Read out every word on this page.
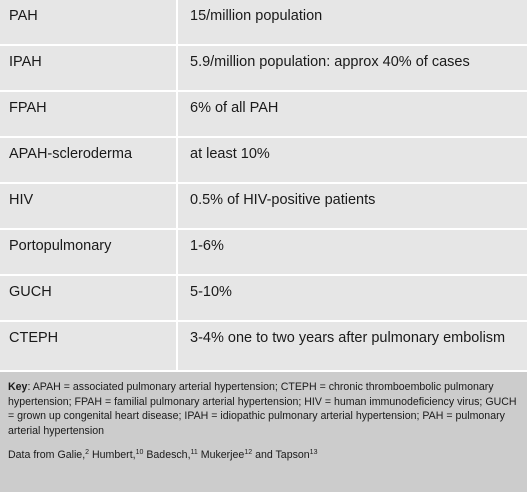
PAH	15/million population
IPAH	5.9/million population: approx 40% of cases
FPAH	6% of all PAH
APAH-scleroderma	at least 10%
HIV	0.5% of HIV-positive patients
Portopulmonary	1-6%
GUCH	5-10%
CTEPH	3-4% one to two years after pulmonary embolism

Key: APAH = associated pulmonary arterial hypertension; CTEPH = chronic thromboembolic pulmonary hypertension; FPAH = familial pulmonary arterial hypertension; HIV = human immunodeficiency virus; GUCH = grown up congenital heart disease; IPAH = idiopathic pulmonary arterial hypertension; PAH = pulmonary arterial hypertension

Data from Galie,$^2$ Humbert,$^{10}$ Badesch,$^{11}$ Mukerjee$^{12}$ and Tapson$^{13}$
